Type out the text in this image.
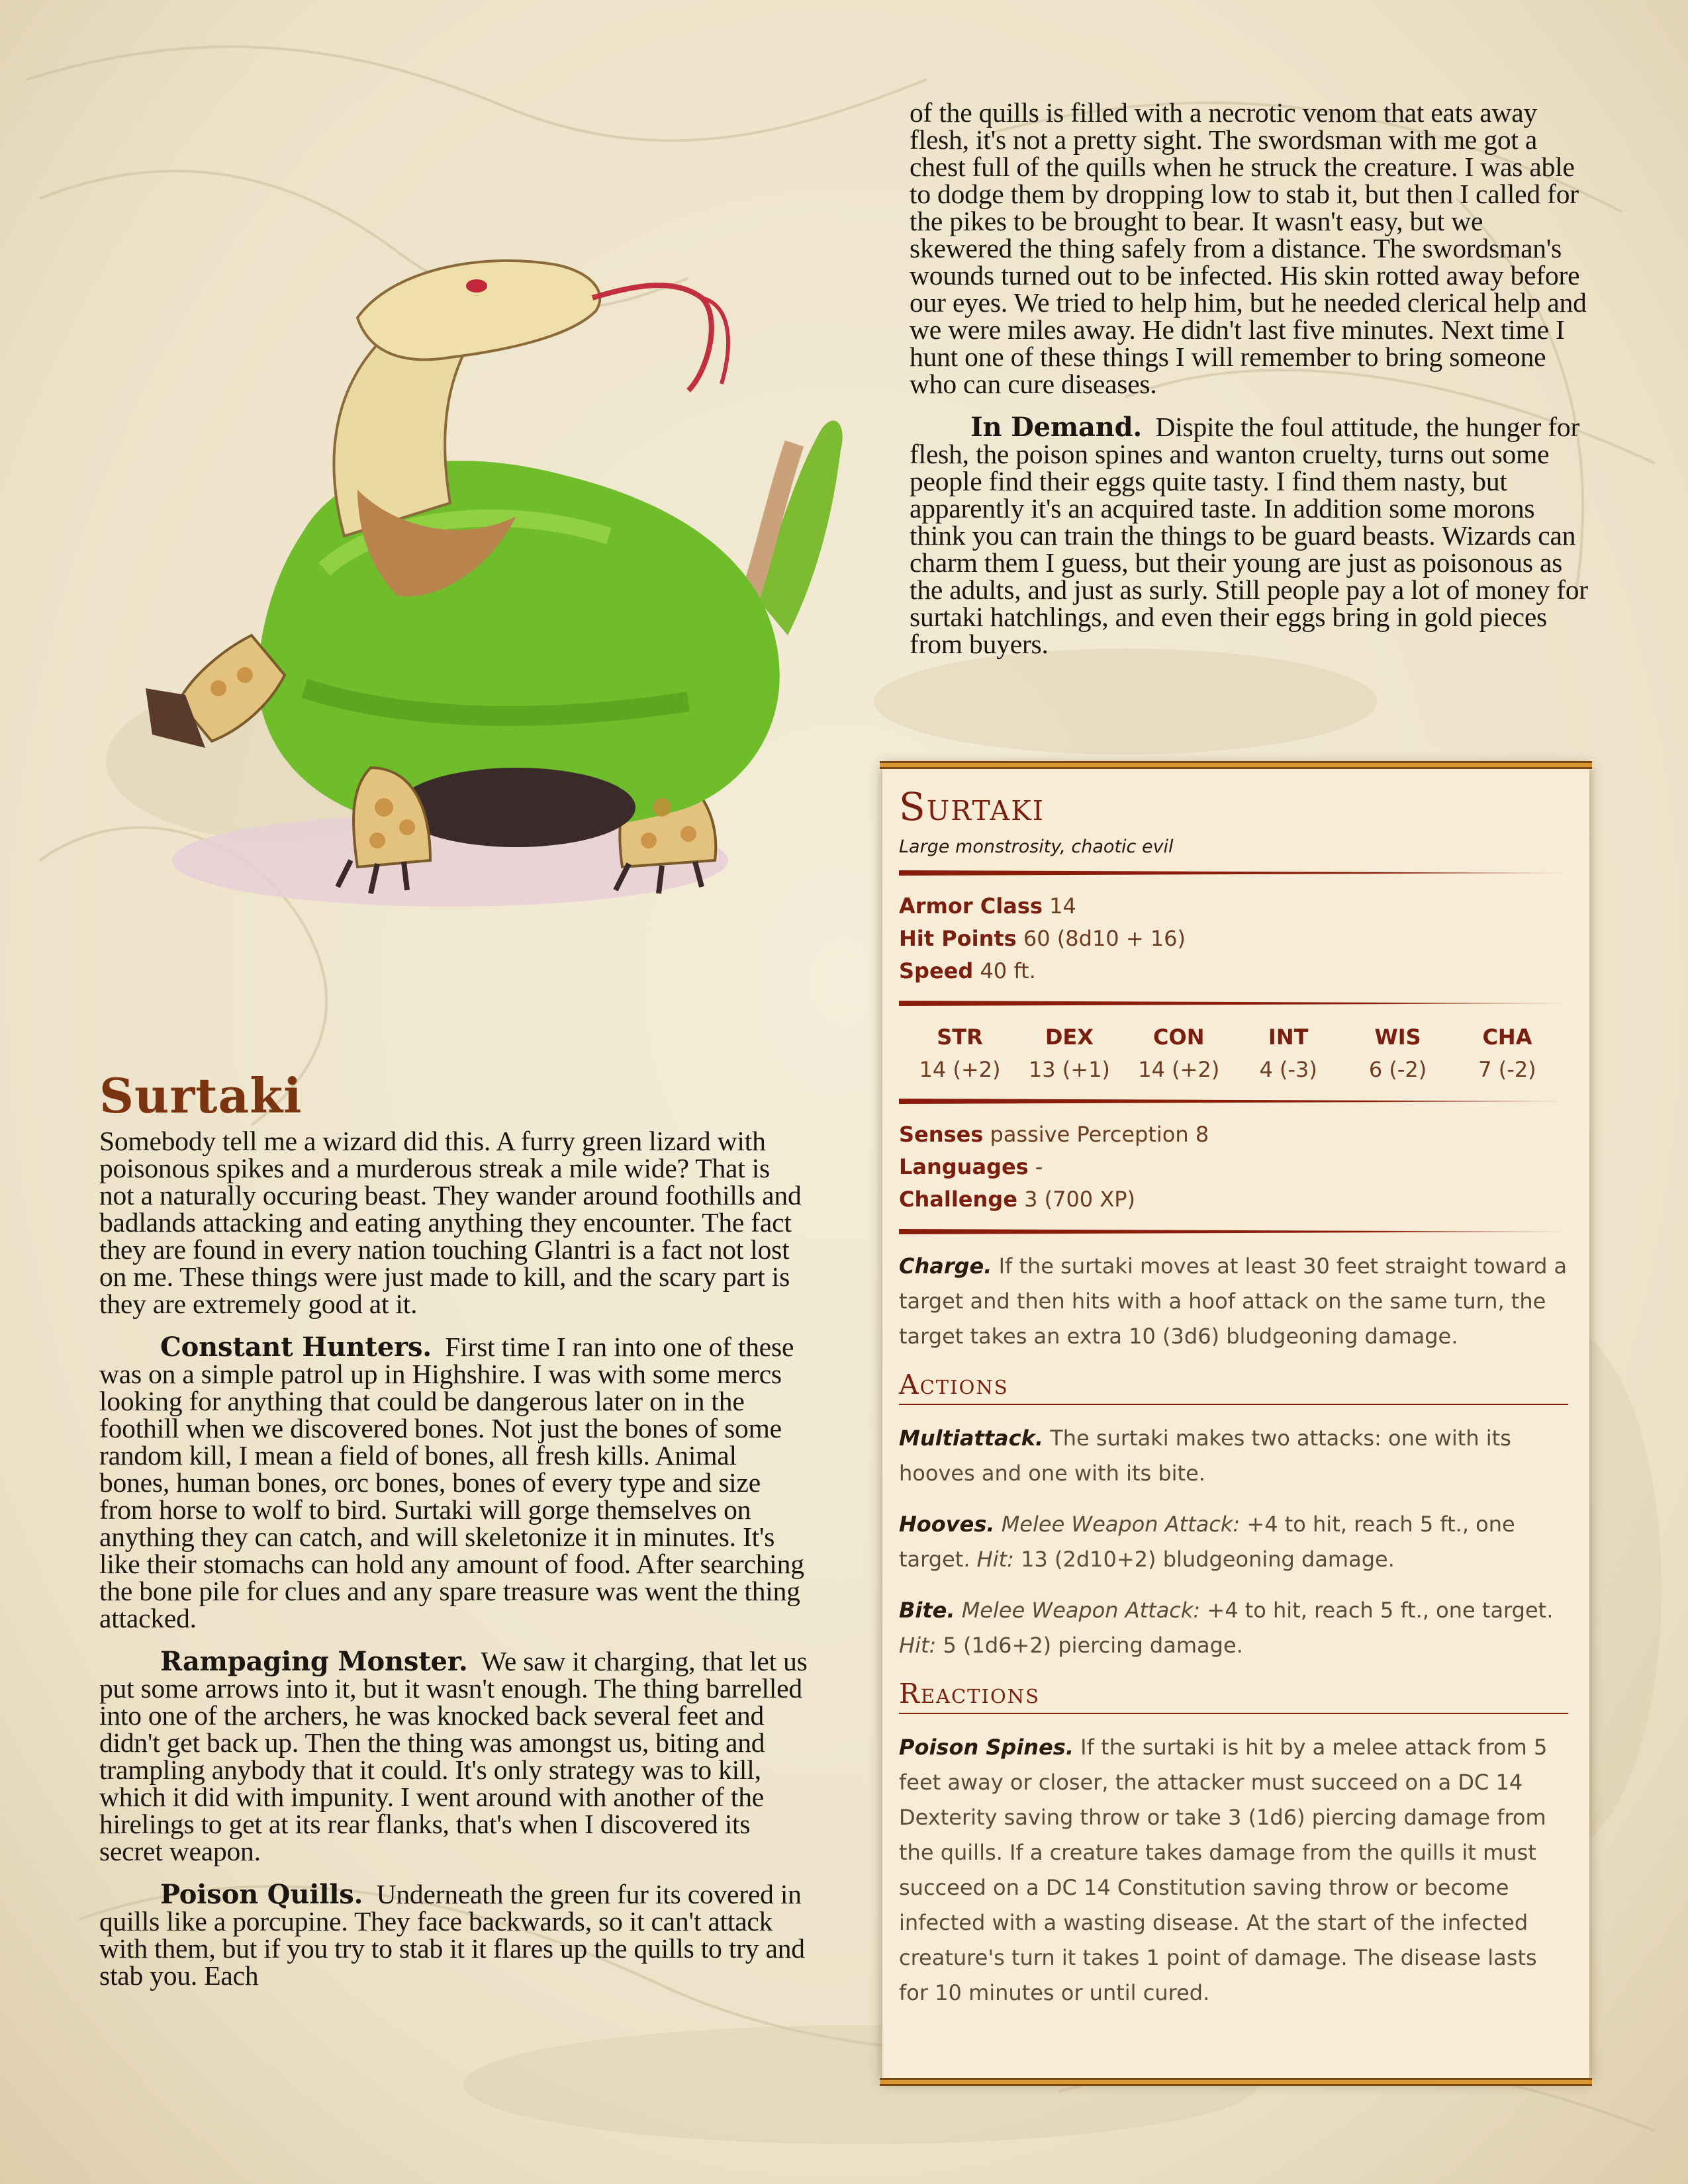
Surtaki

Somebody tell me a wizard did this. A furry green lizard with poisonous spikes and a murderous streak a mile wide? That is not a naturally occuring beast. They wander around foothills and badlands attacking and eating anything they encounter. The fact they are found in every nation touching Glantri is a fact not lost on me. These things were just made to kill, and the scary part is they are extremely good at it.

Constant Hunters. First time I ran into one of these was on a simple patrol up in Highshire. I was with some mercs looking for anything that could be dangerous later on in the foothill when we discovered bones. Not just the bones of some random kill, I mean a field of bones, all fresh kills. Animal bones, human bones, orc bones, bones of every type and size from horse to wolf to bird. Surtaki will gorge themselves on anything they can catch, and will skeletonize it in minutes. It's like their stomachs can hold any amount of food. After searching the bone pile for clues and any spare treasure was went the thing attacked.

Rampaging Monster. We saw it charging, that let us put some arrows into it, but it wasn't enough. The thing barrelled into one of the archers, he was knocked back several feet and didn't get back up. Then the thing was amongst us, biting and trampling anybody that it could. It's only strategy was to kill, which it did with impunity. I went around with another of the hirelings to get at its rear flanks, that's when I discovered its secret weapon.

Poison Quills. Underneath the green fur its covered in quills like a porcupine. They face backwards, so it can't attack with them, but if you try to stab it it flares up the quills to try and stab you. Each

of the quills is filled with a necrotic venom that eats away flesh, it's not a pretty sight. The swordsman with me got a chest full of the quills when he struck the creature. I was able to dodge them by dropping low to stab it, but then I called for the pikes to be brought to bear. It wasn't easy, but we skewered the thing safely from a distance. The swordsman's wounds turned out to be infected. His skin rotted away before our eyes. We tried to help him, but he needed clerical help and we were miles away. He didn't last five minutes. Next time I hunt one of these things I will remember to bring someone who can cure diseases.

In Demand. Dispite the foul attitude, the hunger for flesh, the poison spines and wanton cruelty, turns out some people find their eggs quite tasty. I find them nasty, but apparently it's an acquired taste. In addition some morons think you can train the things to be guard beasts. Wizards can charm them I guess, but their young are just as poisonous as the adults, and just as surly. Still people pay a lot of money for surtaki hatchlings, and even their eggs bring in gold pieces from buyers.

Surtaki
Large monstrosity, chaotic evil
Armor Class 14
Hit Points 60 (8d10 + 16)
Speed 40 ft.
STR
14 (+2)
DEX
13 (+1)
CON
14 (+2)
INT
4 (-3)
WIS
6 (-2)
CHA
7 (-2)
Senses passive Perception 8
Languages -
Challenge 3 (700 XP)

Charge. If the surtaki moves at least 30 feet straight toward a target and then hits with a hoof attack on the same turn, the target takes an extra 10 (3d6) bludgeoning damage.

Actions

Multiattack. The surtaki makes two attacks: one with its hooves and one with its bite.

Hooves. Melee Weapon Attack: +4 to hit, reach 5 ft., one target. Hit: 13 (2d10+2) bludgeoning damage.

Bite. Melee Weapon Attack: +4 to hit, reach 5 ft., one target. Hit: 5 (1d6+2) piercing damage.

Reactions

Poison Spines. If the surtaki is hit by a melee attack from 5 feet away or closer, the attacker must succeed on a DC 14 Dexterity saving throw or take 3 (1d6) piercing damage from the quills. If a creature takes damage from the quills it must succeed on a DC 14 Constitution saving throw or become infected with a wasting disease. At the start of the infected creature's turn it takes 1 point of damage. The disease lasts for 10 minutes or until cured.
